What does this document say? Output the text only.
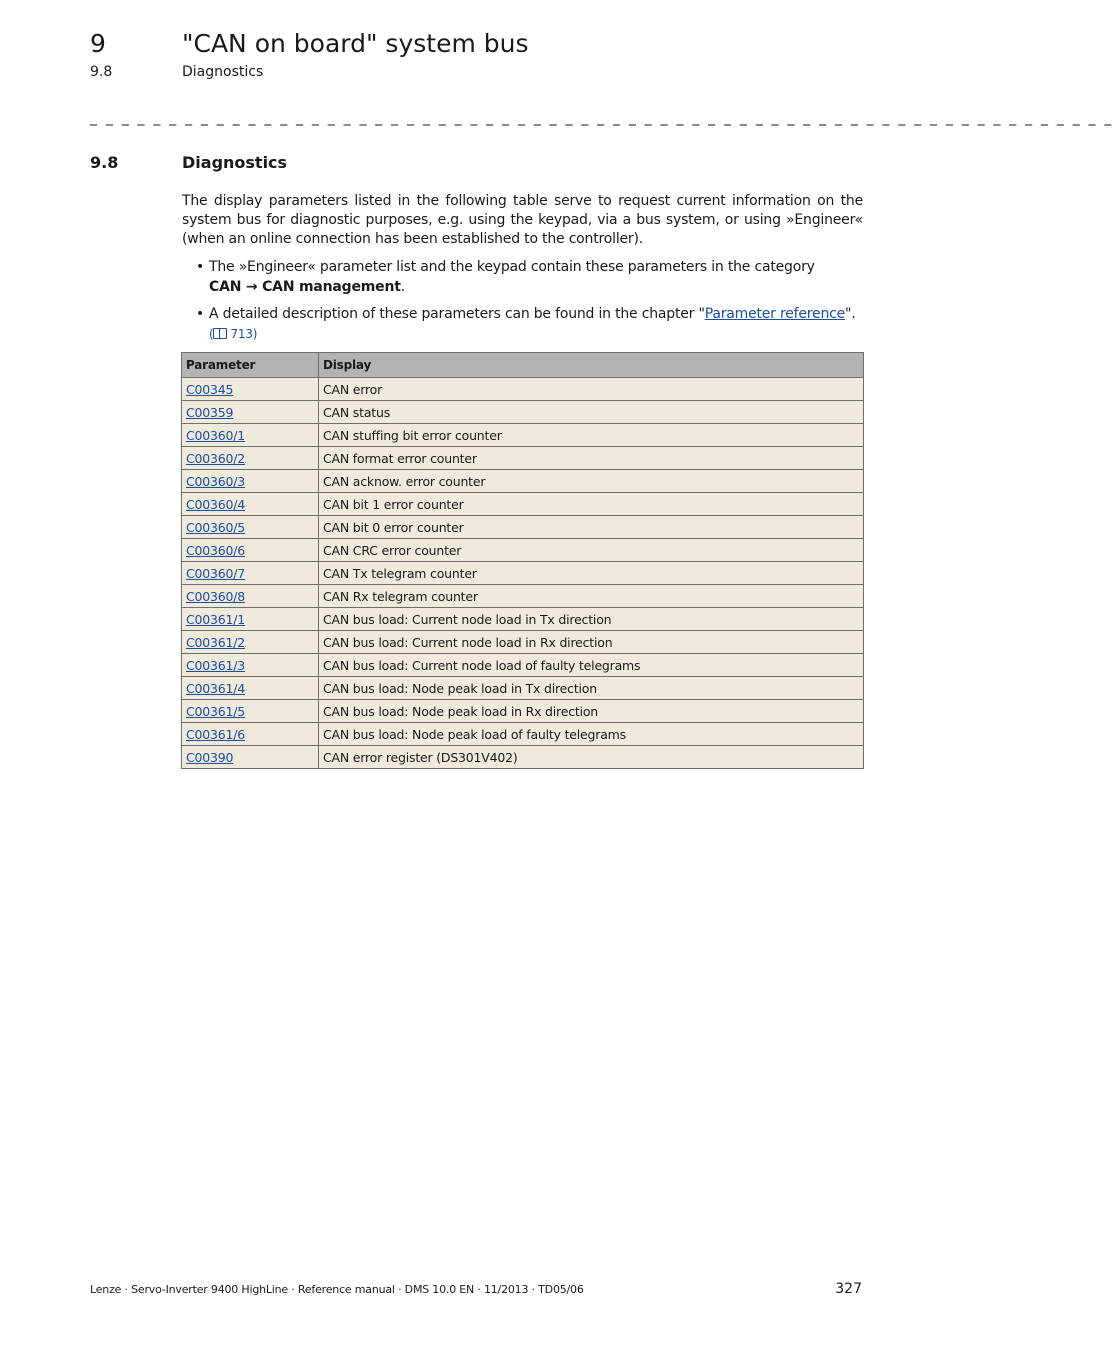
9	"CAN on board" system bus
9.8	Diagnostics
_ _ _ _ _ _ _ _ _ _ _ _ _ _ _ _ _ _ _ _ _ _ _ _ _ _ _ _ _ _ _ _ _ _ _ _ _ _ _ _ _ _ _ _ _ _ _ _ _ _ _ _ _ _ _ _ _ _ _ _ _ _ _ _ _
9.8	Diagnostics

The display parameters listed in the following table serve to request current information on the system bus for diagnostic purposes, e.g. using the keypad, via a bus system, or using »Engineer« (when an online connection has been established to the controller).

• The »Engineer« parameter list and the keypad contain these parameters in the category
CAN → CAN management.
• A detailed description of these parameters can be found in the chapter "Parameter reference".
( 713)
Parameter	Display
C00345	CAN error
C00359	CAN status
C00360/1	CAN stuffing bit error counter
C00360/2	CAN format error counter
C00360/3	CAN acknow. error counter
C00360/4	CAN bit 1 error counter
C00360/5	CAN bit 0 error counter
C00360/6	CAN CRC error counter
C00360/7	CAN Tx telegram counter
C00360/8	CAN Rx telegram counter
C00361/1	CAN bus load: Current node load in Tx direction
C00361/2	CAN bus load: Current node load in Rx direction
C00361/3	CAN bus load: Current node load of faulty telegrams
C00361/4	CAN bus load: Node peak load in Tx direction
C00361/5	CAN bus load: Node peak load in Rx direction
C00361/6	CAN bus load: Node peak load of faulty telegrams
C00390	CAN error register (DS301V402)
Lenze · Servo-Inverter 9400 HighLine · Reference manual · DMS 10.0 EN · 11/2013 · TD05/06	327
